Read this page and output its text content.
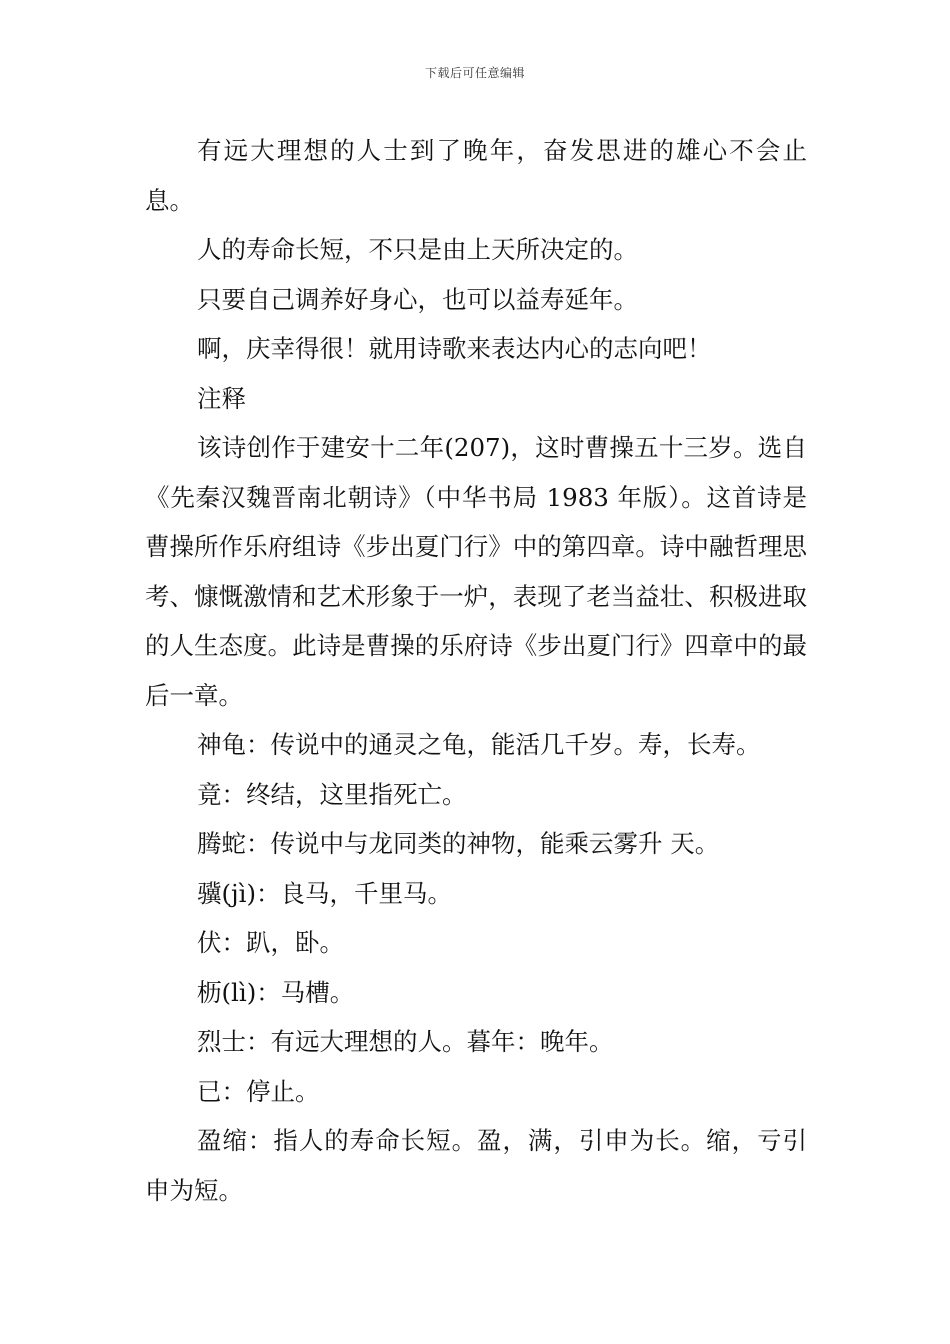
下载后可任意编辑

有远大理想的人士到了晚年，奋发思进的雄心不会止息。

人的寿命长短，不只是由上天所决定的。

只要自己调养好身心，也可以益寿延年。

啊，庆幸得很！就用诗歌来表达内心的志向吧！

注释

该诗创作于建安十二年(207)，这时曹操五十三岁。选自《先秦汉魏晋南北朝诗》（中华书局 1983 年版）。这首诗是曹操所作乐府组诗《步出夏门行》中的第四章。诗中融哲理思考、慷慨激情和艺术形象于一炉，表现了老当益壮、积极进取的人生态度。此诗是曹操的乐府诗《步出夏门行》四章中的最后一章。

神龟：传说中的通灵之龟，能活几千岁。寿，长寿。

竟：终结，这里指死亡。

腾蛇：传说中与龙同类的神物，能乘云雾升 天。

骥(jì)：良马，千里马。

伏：趴，卧。

枥(lì)：马槽。

烈士：有远大理想的人。暮年：晚年。

已：停止。

盈缩：指人的寿命长短。盈，满，引申为长。缩，亏引申为短。
